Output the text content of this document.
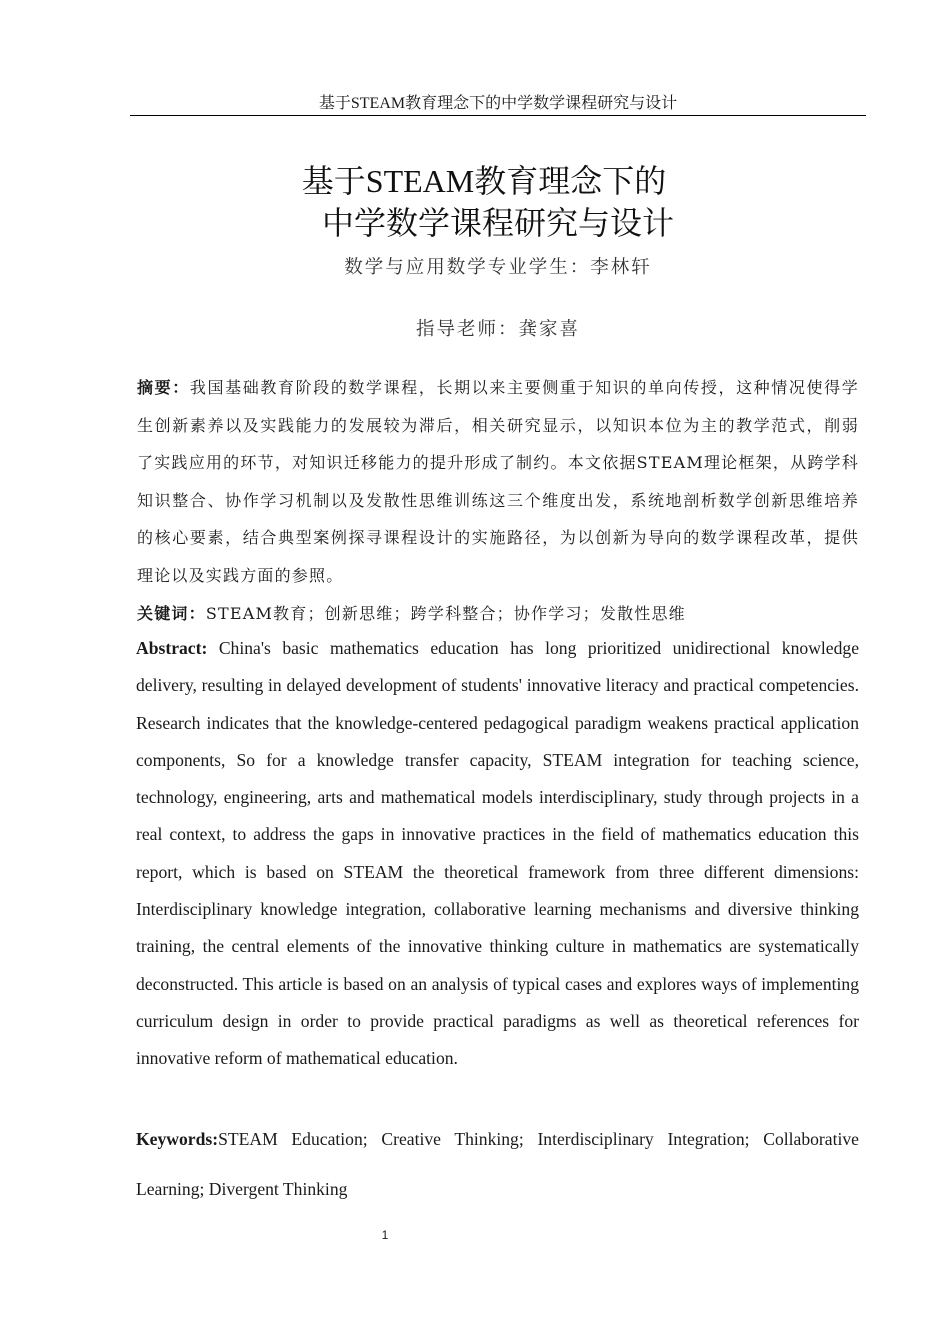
基于STEAM教育理念下的中学数学课程研究与设计
基于STEAM教育理念下的
中学数学课程研究与设计
数学与应用数学专业学生：李林轩
指导老师：龚家喜
摘要：我国基础教育阶段的数学课程，长期以来主要侧重于知识的单向传授，这种情况使得学生创新素养以及实践能力的发展较为滞后，相关研究显示，以知识本位为主的教学范式，削弱了实践应用的环节，对知识迁移能力的提升形成了制约。本文依据STEAM理论框架，从跨学科知识整合、协作学习机制以及发散性思维训练这三个维度出发，系统地剖析数学创新思维培养的核心要素，结合典型案例探寻课程设计的实施路径，为以创新为导向的数学课程改革，提供理论以及实践方面的参照。
关键词：STEAM教育；创新思维；跨学科整合；协作学习；发散性思维
Abstract: China's basic mathematics education has long prioritized unidirectional knowledge delivery, resulting in delayed development of students' innovative literacy and practical competencies. Research indicates that the knowledge-centered pedagogical paradigm weakens practical application components, So for a knowledge transfer capacity, STEAM integration for teaching science, technology, engineering, arts and mathematical models interdisciplinary, study through projects in a real context, to address the gaps in innovative practices in the field of mathematics education this report, which is based on STEAM the theoretical framework from three different dimensions: Interdisciplinary knowledge integration, collaborative learning mechanisms and diversive thinking training, the central elements of the innovative thinking culture in mathematics are systematically deconstructed. This article is based on an analysis of typical cases and explores ways of implementing curriculum design in order to provide practical paradigms as well as theoretical references for innovative reform of mathematical education.
Keywords:STEAM Education; Creative Thinking; Interdisciplinary Integration; Collaborative Learning; Divergent Thinking
1
